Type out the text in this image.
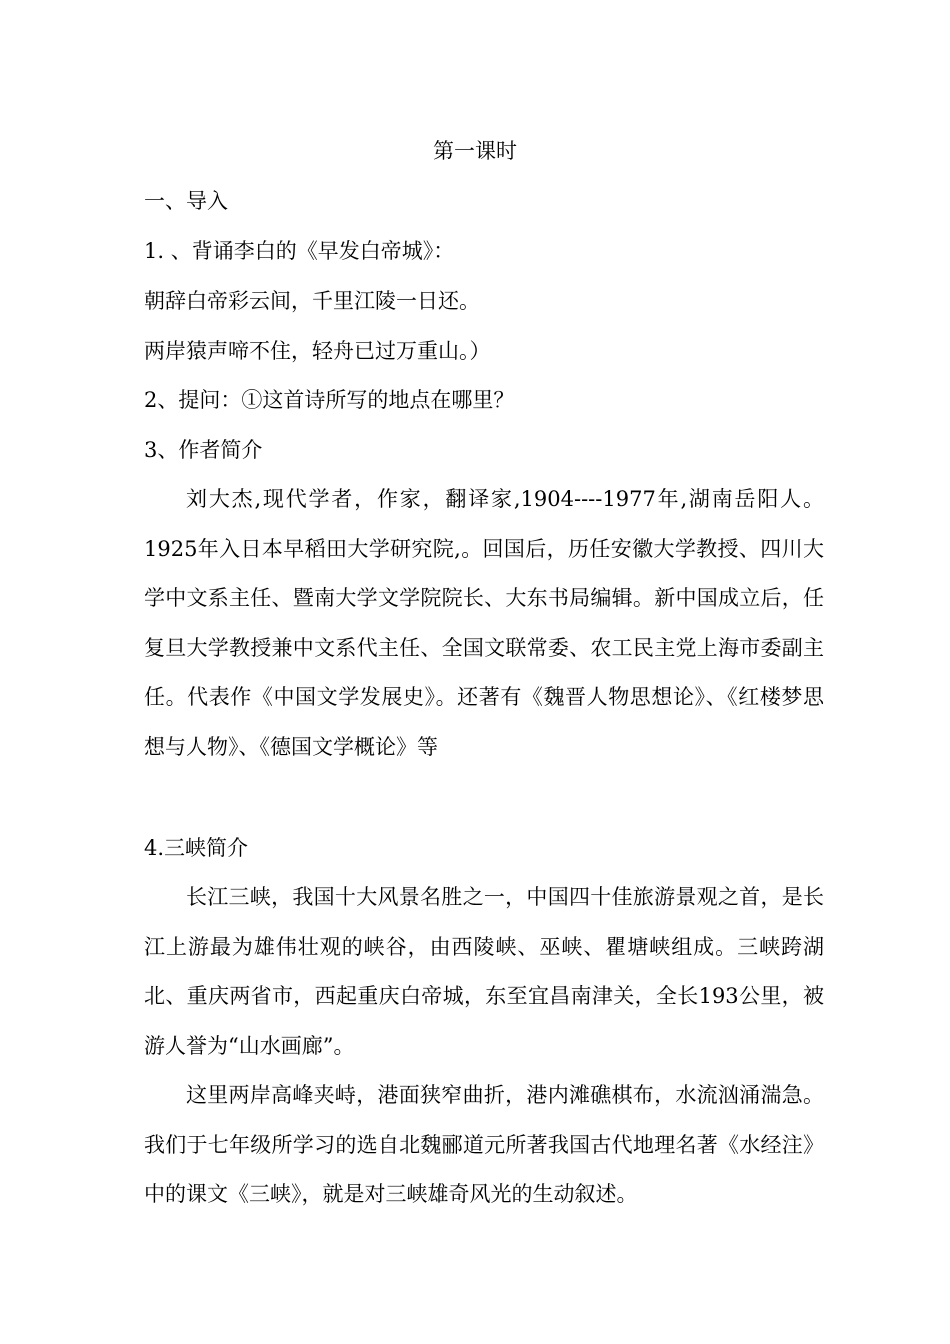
第一课时
一、导入
1. 、背诵李白的《早发白帝城》：
朝辞白帝彩云间，千里江陵一日还。
两岸猿声啼不住，轻舟已过万重山。）
2、提问：①这首诗所写的地点在哪里？
3、作者简介
刘大杰,现代学者，作家，翻译家,1904----1977年,湖南岳阳人。1925年入日本早稻田大学研究院,。回国后，历任安徽大学教授、四川大学中文系主任、暨南大学文学院院长、大东书局编辑。新中国成立后，任复旦大学教授兼中文系代主任、全国文联常委、农工民主党上海市委副主任。代表作《中国文学发展史》。还著有《魏晋人物思想论》、《红楼梦思想与人物》、《德国文学概论》等
4.三峡简介
长江三峡，我国十大风景名胜之一，中国四十佳旅游景观之首，是长江上游最为雄伟壮观的峡谷，由西陵峡、巫峡、瞿塘峡组成。三峡跨湖北、重庆两省市，西起重庆白帝城，东至宜昌南津关，全长193公里，被游人誉为“山水画廊”。
这里两岸高峰夹峙，港面狭窄曲折，港内滩礁棋布，水流汹涌湍急。我们于七年级所学习的选自北魏郦道元所著我国古代地理名著《水经注》中的课文《三峡》，就是对三峡雄奇风光的生动叙述。
